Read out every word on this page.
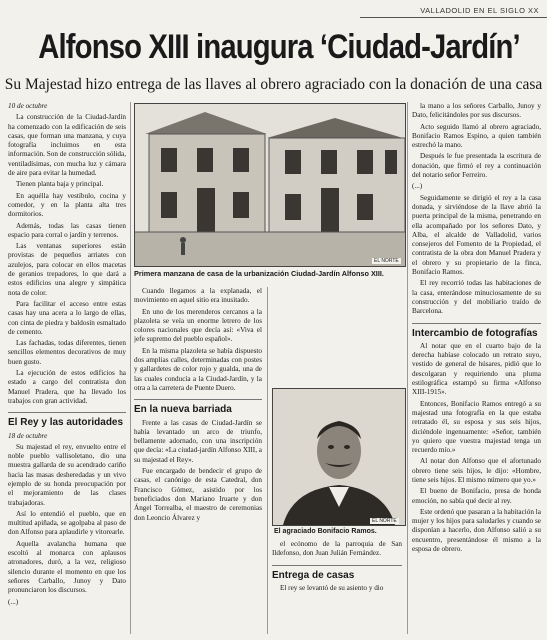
VALLADOLID EN EL SIGLO XX
Alfonso XIII inaugura ‘Ciudad-Jardín’
Su Majestad hizo entrega de las llaves al obrero agraciado con la donación de una casa
10 de octubre

La construcción de la Ciudad-Jardín ha comenzado con la edificación de seis casas, que forman una manzana, y cuya fotografía incluimos en esta información. Son de construcción sólida, ventiladísimas, con mucha luz y cámara de aire para evitar la humedad.

Tienen planta baja y principal.

En aquélla hay vestíbulo, cocina y comedor, y en la planta alta tres dormitorios.

Además, todas las casas tienen espacio para corral o jardín y terrenos.

Las ventanas superiores están provistas de pequeños arriates con azulejos, para colocar en ellos macetas de geranios trepadores, lo que dará a estos edificios una alegre y simpática nota de color.

Para facilitar el acceso entre estas casas hay una acera a lo largo de ellas, con cinta de piedra y baldosín esmaltado de cemento.

Las fachadas, todas diferentes, tienen sencillos elementos decorativos de muy buen gusto.

La ejecución de estos edificios ha estado a cargo del contratista don Manuel Pradera, que ha llevado los trabajos con gran actividad.

El Rey y las autoridades
18 de octubre

Su majestad el rey, envuelto entre el noble pueblo vallisoletano, dio una muestra gallarda de su acendrado cariño hacia las masas desheredadas y un vivo ejemplo de su honda preocupación por el mejoramiento de las clases trabajadoras.

Así lo entendió el pueblo, que en multitud apiñada, se agolpaba al paso de don Alfonso para aplaudirle y vitorearle.

Aquella avalancha humana que escoltó al monarca con aplausos atronadores, duró, a la vez, religioso silencio durante el momento en que los señores Carballo, Junoy y Dato pronunciaron los discursos.

(...)

EL NORTE
Primera manzana de casa de la urbanización Ciudad-Jardín Alfonso XIII.

Cuando llegamos a la explanada, el movimiento en aquel sitio era inusitado.

En uno de los merenderos cercanos a la plazoleta se veía un enorme letrero de los colores nacionales que decía así: «Viva el jefe supremo del pueblo español».

En la misma plazoleta se había dispuesto dos amplias calles, determinadas con postes y gallardetes de color rojo y gualda, una de las cuales conducía a la Ciudad-Jardín, y la otra a la carretera de Puente Duero.

En la nueva barriada

Frente a las casas de Ciudad-Jardín se había levantado un arco de triunfo, bellamente adornado, con una inscripción que decía: «La ciudad-jardín Alfonso XIII, a su majestad el Rey».

Fue encargado de bendecir el grupo de casas, el canónigo de esta Catedral, don Francisco Gómez, asistido por los beneficiados don Mariano Iruarte y don Ángel Torrealba, el maestro de ceremonias don Leoncio Álvarez y	EL NORTE
El agraciado Bonifacio Ramos.

el ecónomo de la parroquia de San Ildefonso, don Juan Julián Fernández.

Entrega de casas

El rey se levantó de su asiento y dio

la mano a los señores Carballo, Junoy y Dato, felicitándoles por sus discursos.

Acto seguido llamó al obrero agraciado, Bonifacio Ramos Espino, a quien también estrechó la mano.

Después le fue presentada la escritura de donación, que firmó el rey a continuación del notario señor Ferreiro.

(...)

Seguidamente se dirigió el rey a la casa donada, y sirviéndose de la llave abrió la puerta principal de la misma, penetrando en ella acompañado por los señores Dato, y Alba, el alcalde de Valladolid, varios consejeros del Fomento de la Propiedad, el contratista de la obra don Manuel Pradera y el obrero y su propietario de la finca, Bonifacio Ramos.

El rey recorrió todas las habitaciones de la casa, enterándose minuciosamente de su construcción y del mobiliario traído de Barcelona.

Intercambio de fotografías

Al notar que en el cuarto bajo de la derecha habíase colocado un retrato suyo, vestido de general de húsares, pidió que lo descolgaran y requiriendo una pluma estilográfica estampó su firma «Alfonso XIII-1915».

Entonces, Bonifacio Ramos entregó a su majestad una fotografía en la que estaba retratado él, su esposa y sus seis hijos, diciéndole ingenuamente: «Señor, también yo quiero que vuestra majestad tenga un recuerdo mío.»

Al notar don Alfonso que el afortunado obrero tiene seis hijos, le dijo: «Hombre, tiene seis hijos. El mismo número que yo.»

El bueno de Bonifacio, presa de honda emoción, no sabía qué decir al rey.

Este ordenó que pasaran a la habitación la mujer y los hijos para saludarles y cuando se disponían a hacerlo, don Alfonso salió a su encuentro, presentándose él mismo a la esposa de obrero.
